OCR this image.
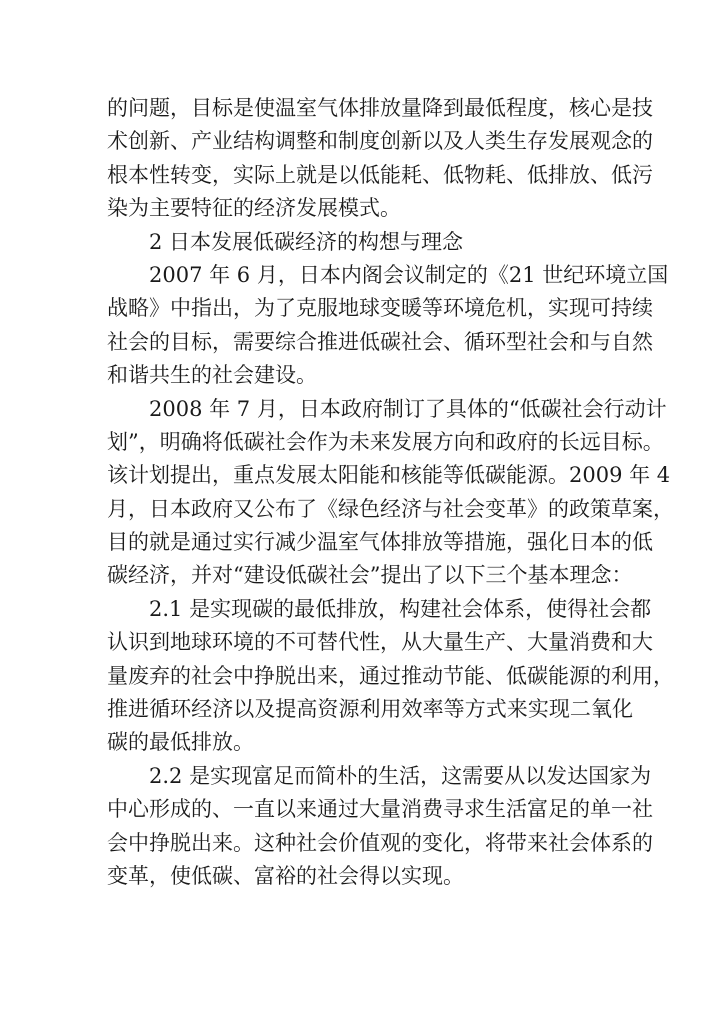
的问题，目标是使温室气体排放量降到最低程度，核心是技
术创新、产业结构调整和制度创新以及人类生存发展观念的
根本性转变，实际上就是以低能耗、低物耗、低排放、低污
染为主要特征的经济发展模式。
2 日本发展低碳经济的构想与理念
2007 年 6 月，日本内阁会议制定的《21 世纪环境立国
战略》中指出，为了克服地球变暖等环境危机，实现可持续
社会的目标，需要综合推进低碳社会、循环型社会和与自然
和谐共生的社会建设。
2008 年 7 月，日本政府制订了具体的“低碳社会行动计
划”，明确将低碳社会作为未来发展方向和政府的长远目标。
该计划提出，重点发展太阳能和核能等低碳能源。2009 年 4
月，日本政府又公布了《绿色经济与社会变革》的政策草案，
目的就是通过实行减少温室气体排放等措施，强化日本的低
碳经济，并对“建设低碳社会”提出了以下三个基本理念：
2.1 是实现碳的最低排放，构建社会体系，使得社会都
认识到地球环境的不可替代性，从大量生产、大量消费和大
量废弃的社会中挣脱出来，通过推动节能、低碳能源的利用，
推进循环经济以及提高资源利用效率等方式来实现二氧化
碳的最低排放。
2.2 是实现富足而简朴的生活，这需要从以发达国家为
中心形成的、一直以来通过大量消费寻求生活富足的单一社
会中挣脱出来。这种社会价值观的变化，将带来社会体系的
变革，使低碳、富裕的社会得以实现。
